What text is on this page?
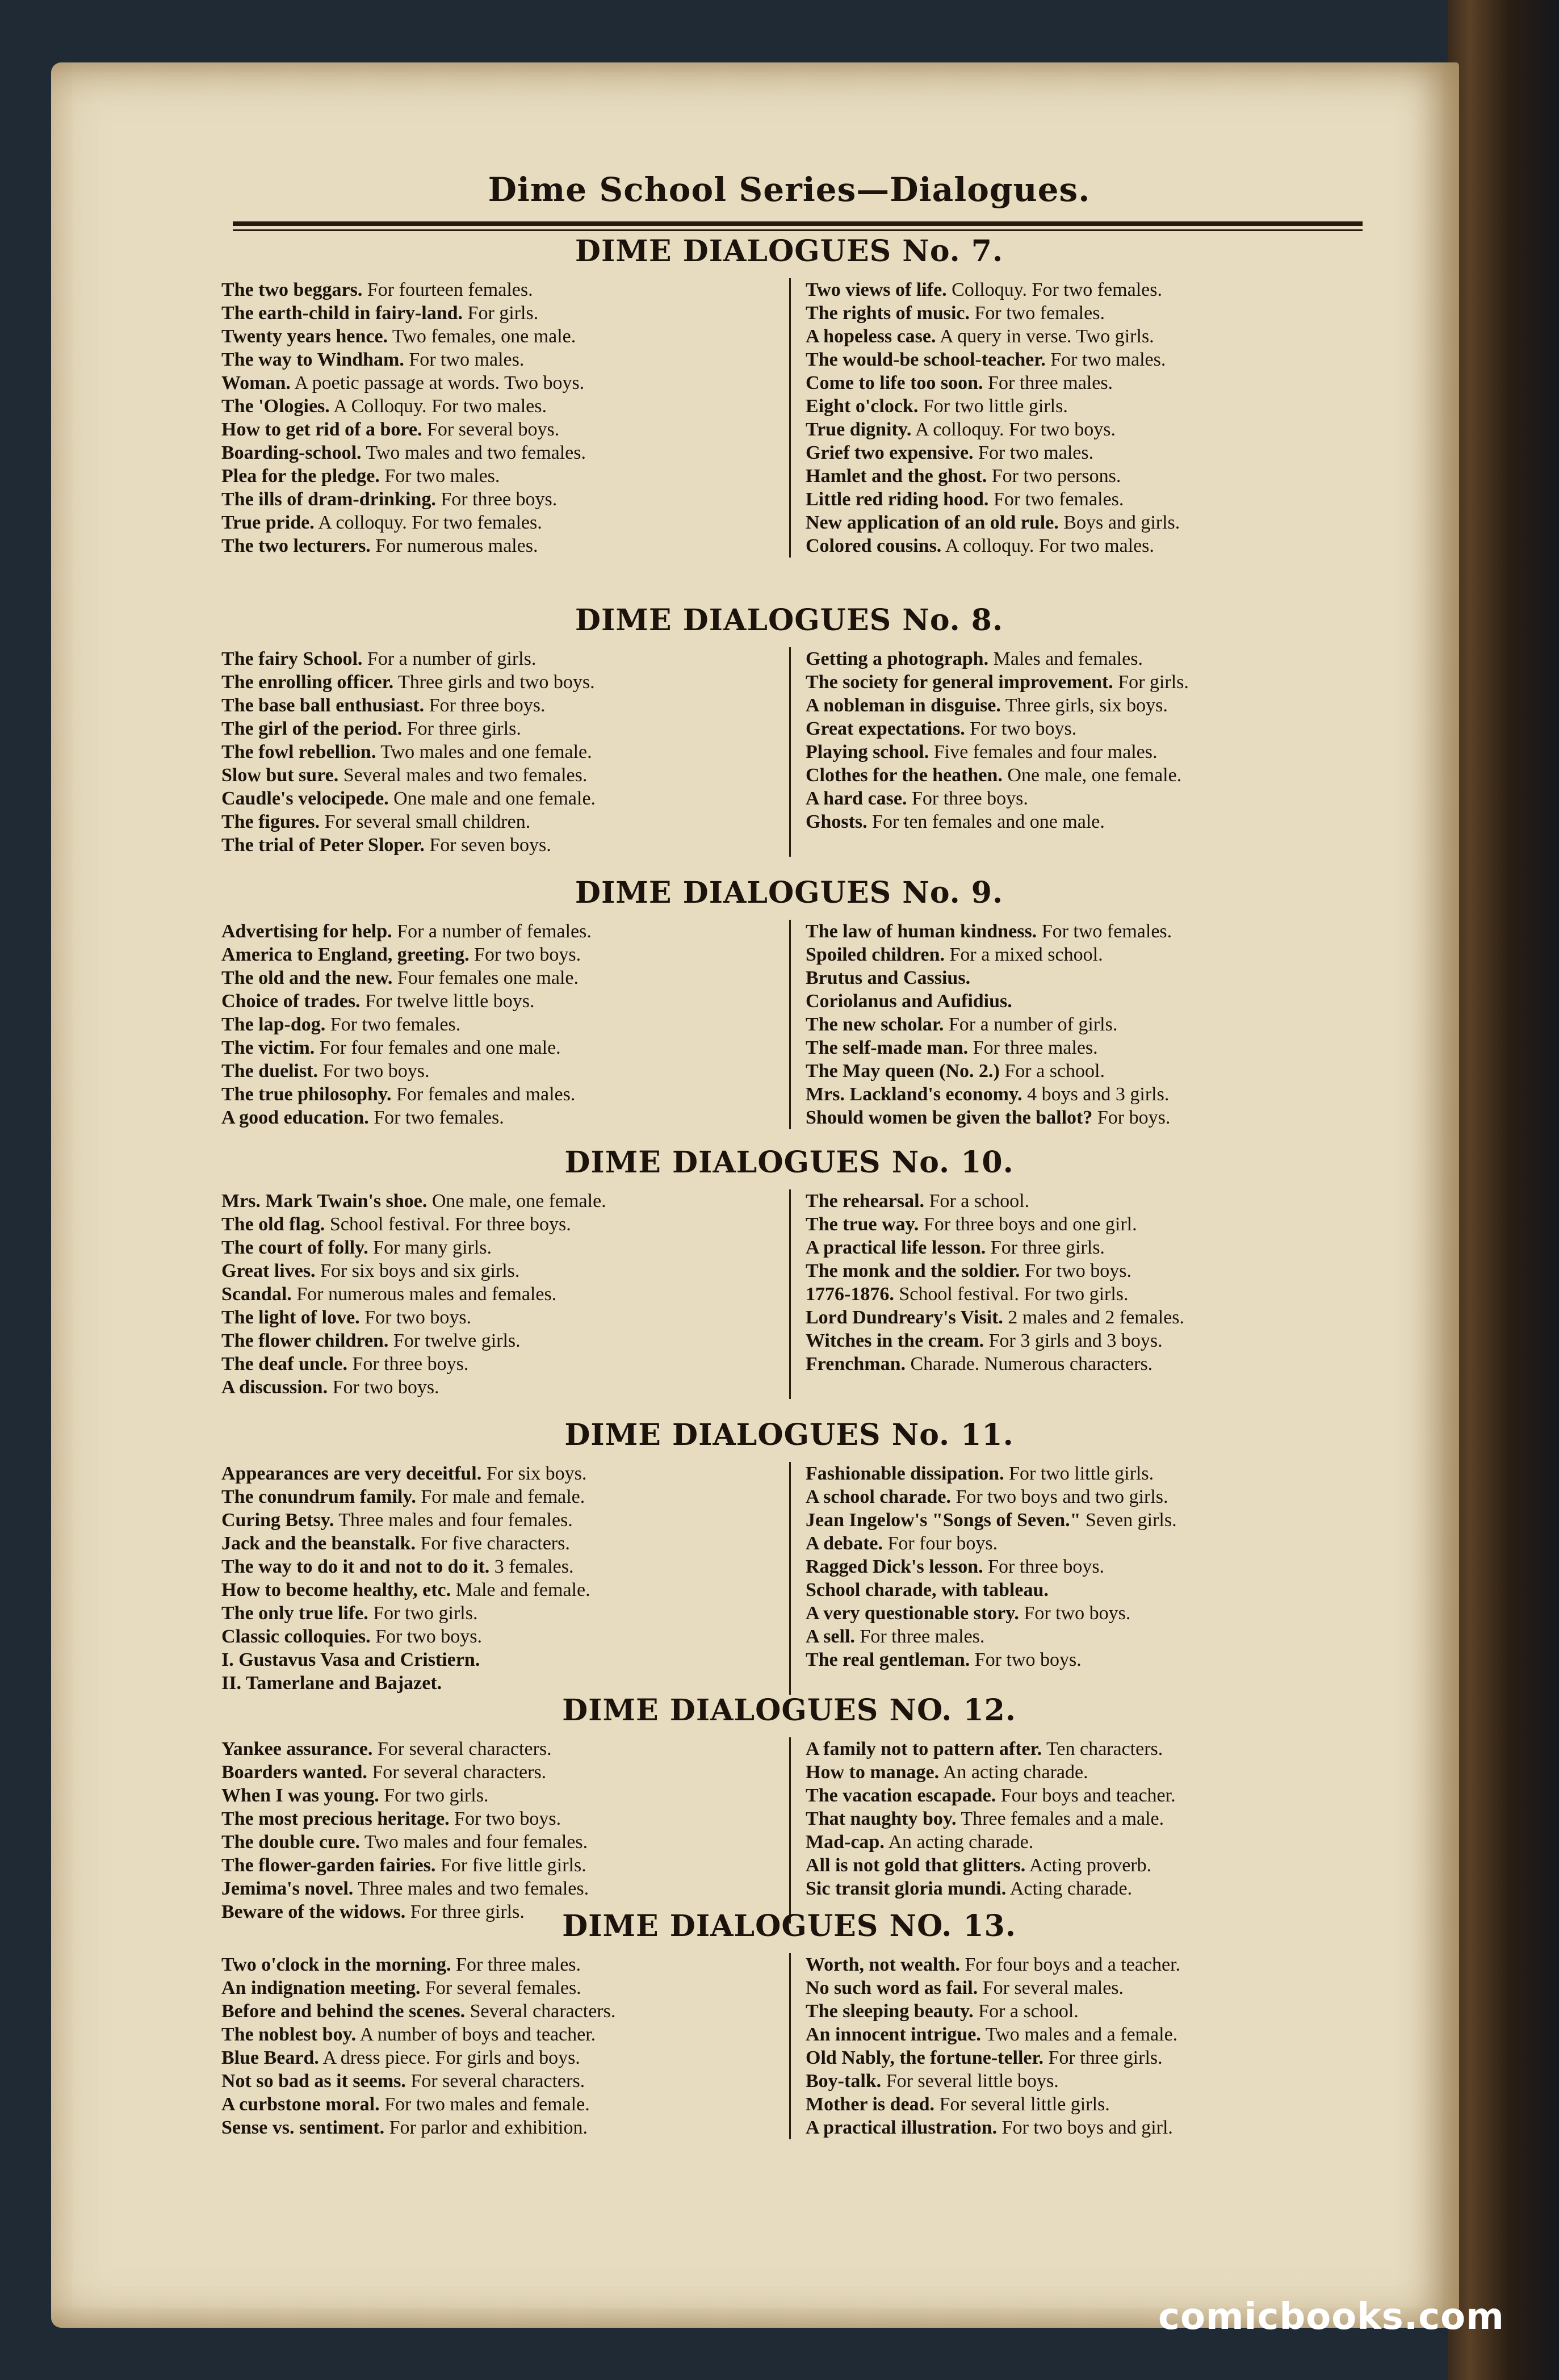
Dime School Series—Dialogues.
DIME DIALOGUES No. 7.
The two beggars. For fourteen females.
The earth-child in fairy-land. For girls.
Twenty years hence. Two females, one male.
The way to Windham. For two males.
Woman. A poetic passage at words. Two boys.
The 'Ologies. A Colloquy. For two males.
How to get rid of a bore. For several boys.
Boarding-school. Two males and two females.
Plea for the pledge. For two males.
The ills of dram-drinking. For three boys.
True pride. A colloquy. For two females.
The two lecturers. For numerous males.
Two views of life. Colloquy. For two females.
The rights of music. For two females.
A hopeless case. A query in verse. Two girls.
The would-be school-teacher. For two males.
Come to life too soon. For three males.
Eight o'clock. For two little girls.
True dignity. A colloquy. For two boys.
Grief two expensive. For two males.
Hamlet and the ghost. For two persons.
Little red riding hood. For two females.
New application of an old rule. Boys and girls.
Colored cousins. A colloquy. For two males.
DIME DIALOGUES No. 8.
The fairy School. For a number of girls.
The enrolling officer. Three girls and two boys.
The base ball enthusiast. For three boys.
The girl of the period. For three girls.
The fowl rebellion. Two males and one female.
Slow but sure. Several males and two females.
Caudle's velocipede. One male and one female.
The figures. For several small children.
The trial of Peter Sloper. For seven boys.
Getting a photograph. Males and females.
The society for general improvement. For girls.
A nobleman in disguise. Three girls, six boys.
Great expectations. For two boys.
Playing school. Five females and four males.
Clothes for the heathen. One male, one female.
A hard case. For three boys.
Ghosts. For ten females and one male.
DIME DIALOGUES No. 9.
Advertising for help. For a number of females.
America to England, greeting. For two boys.
The old and the new. Four females one male.
Choice of trades. For twelve little boys.
The lap-dog. For two females.
The victim. For four females and one male.
The duelist. For two boys.
The true philosophy. For females and males.
A good education. For two females.
The law of human kindness. For two females.
Spoiled children. For a mixed school.
Brutus and Cassius.
Coriolanus and Aufidius.
The new scholar. For a number of girls.
The self-made man. For three males.
The May queen (No. 2.) For a school.
Mrs. Lackland's economy. 4 boys and 3 girls.
Should women be given the ballot? For boys.
DIME DIALOGUES No. 10.
Mrs. Mark Twain's shoe. One male, one female.
The old flag. School festival. For three boys.
The court of folly. For many girls.
Great lives. For six boys and six girls.
Scandal. For numerous males and females.
The light of love. For two boys.
The flower children. For twelve girls.
The deaf uncle. For three boys.
A discussion. For two boys.
The rehearsal. For a school.
The true way. For three boys and one girl.
A practical life lesson. For three girls.
The monk and the soldier. For two boys.
1776-1876. School festival. For two girls.
Lord Dundreary's Visit. 2 males and 2 females.
Witches in the cream. For 3 girls and 3 boys.
Frenchman. Charade. Numerous characters.
DIME DIALOGUES No. 11.
Appearances are very deceitful. For six boys.
The conundrum family. For male and female.
Curing Betsy. Three males and four females.
Jack and the beanstalk. For five characters.
The way to do it and not to do it. 3 females.
How to become healthy, etc. Male and female.
The only true life. For two girls.
Classic colloquies. For two boys.
I. Gustavus Vasa and Cristiern.
II. Tamerlane and Bajazet.
Fashionable dissipation. For two little girls.
A school charade. For two boys and two girls.
Jean Ingelow's "Songs of Seven." Seven girls.
A debate. For four boys.
Ragged Dick's lesson. For three boys.
School charade, with tableau.
A very questionable story. For two boys.
A sell. For three males.
The real gentleman. For two boys.
DIME DIALOGUES NO. 12.
Yankee assurance. For several characters.
Boarders wanted. For several characters.
When I was young. For two girls.
The most precious heritage. For two boys.
The double cure. Two males and four females.
The flower-garden fairies. For five little girls.
Jemima's novel. Three males and two females.
Beware of the widows. For three girls.
A family not to pattern after. Ten characters.
How to manage. An acting charade.
The vacation escapade. Four boys and teacher.
That naughty boy. Three females and a male.
Mad-cap. An acting charade.
All is not gold that glitters. Acting proverb.
Sic transit gloria mundi. Acting charade.
DIME DIALOGUES NO. 13.
Two o'clock in the morning. For three males.
An indignation meeting. For several females.
Before and behind the scenes. Several characters.
The noblest boy. A number of boys and teacher.
Blue Beard. A dress piece. For girls and boys.
Not so bad as it seems. For several characters.
A curbstone moral. For two males and female.
Sense vs. sentiment. For parlor and exhibition.
Worth, not wealth. For four boys and a teacher.
No such word as fail. For several males.
The sleeping beauty. For a school.
An innocent intrigue. Two males and a female.
Old Nably, the fortune-teller. For three girls.
Boy-talk. For several little boys.
Mother is dead. For several little girls.
A practical illustration. For two boys and girl.
comicbooks.com
